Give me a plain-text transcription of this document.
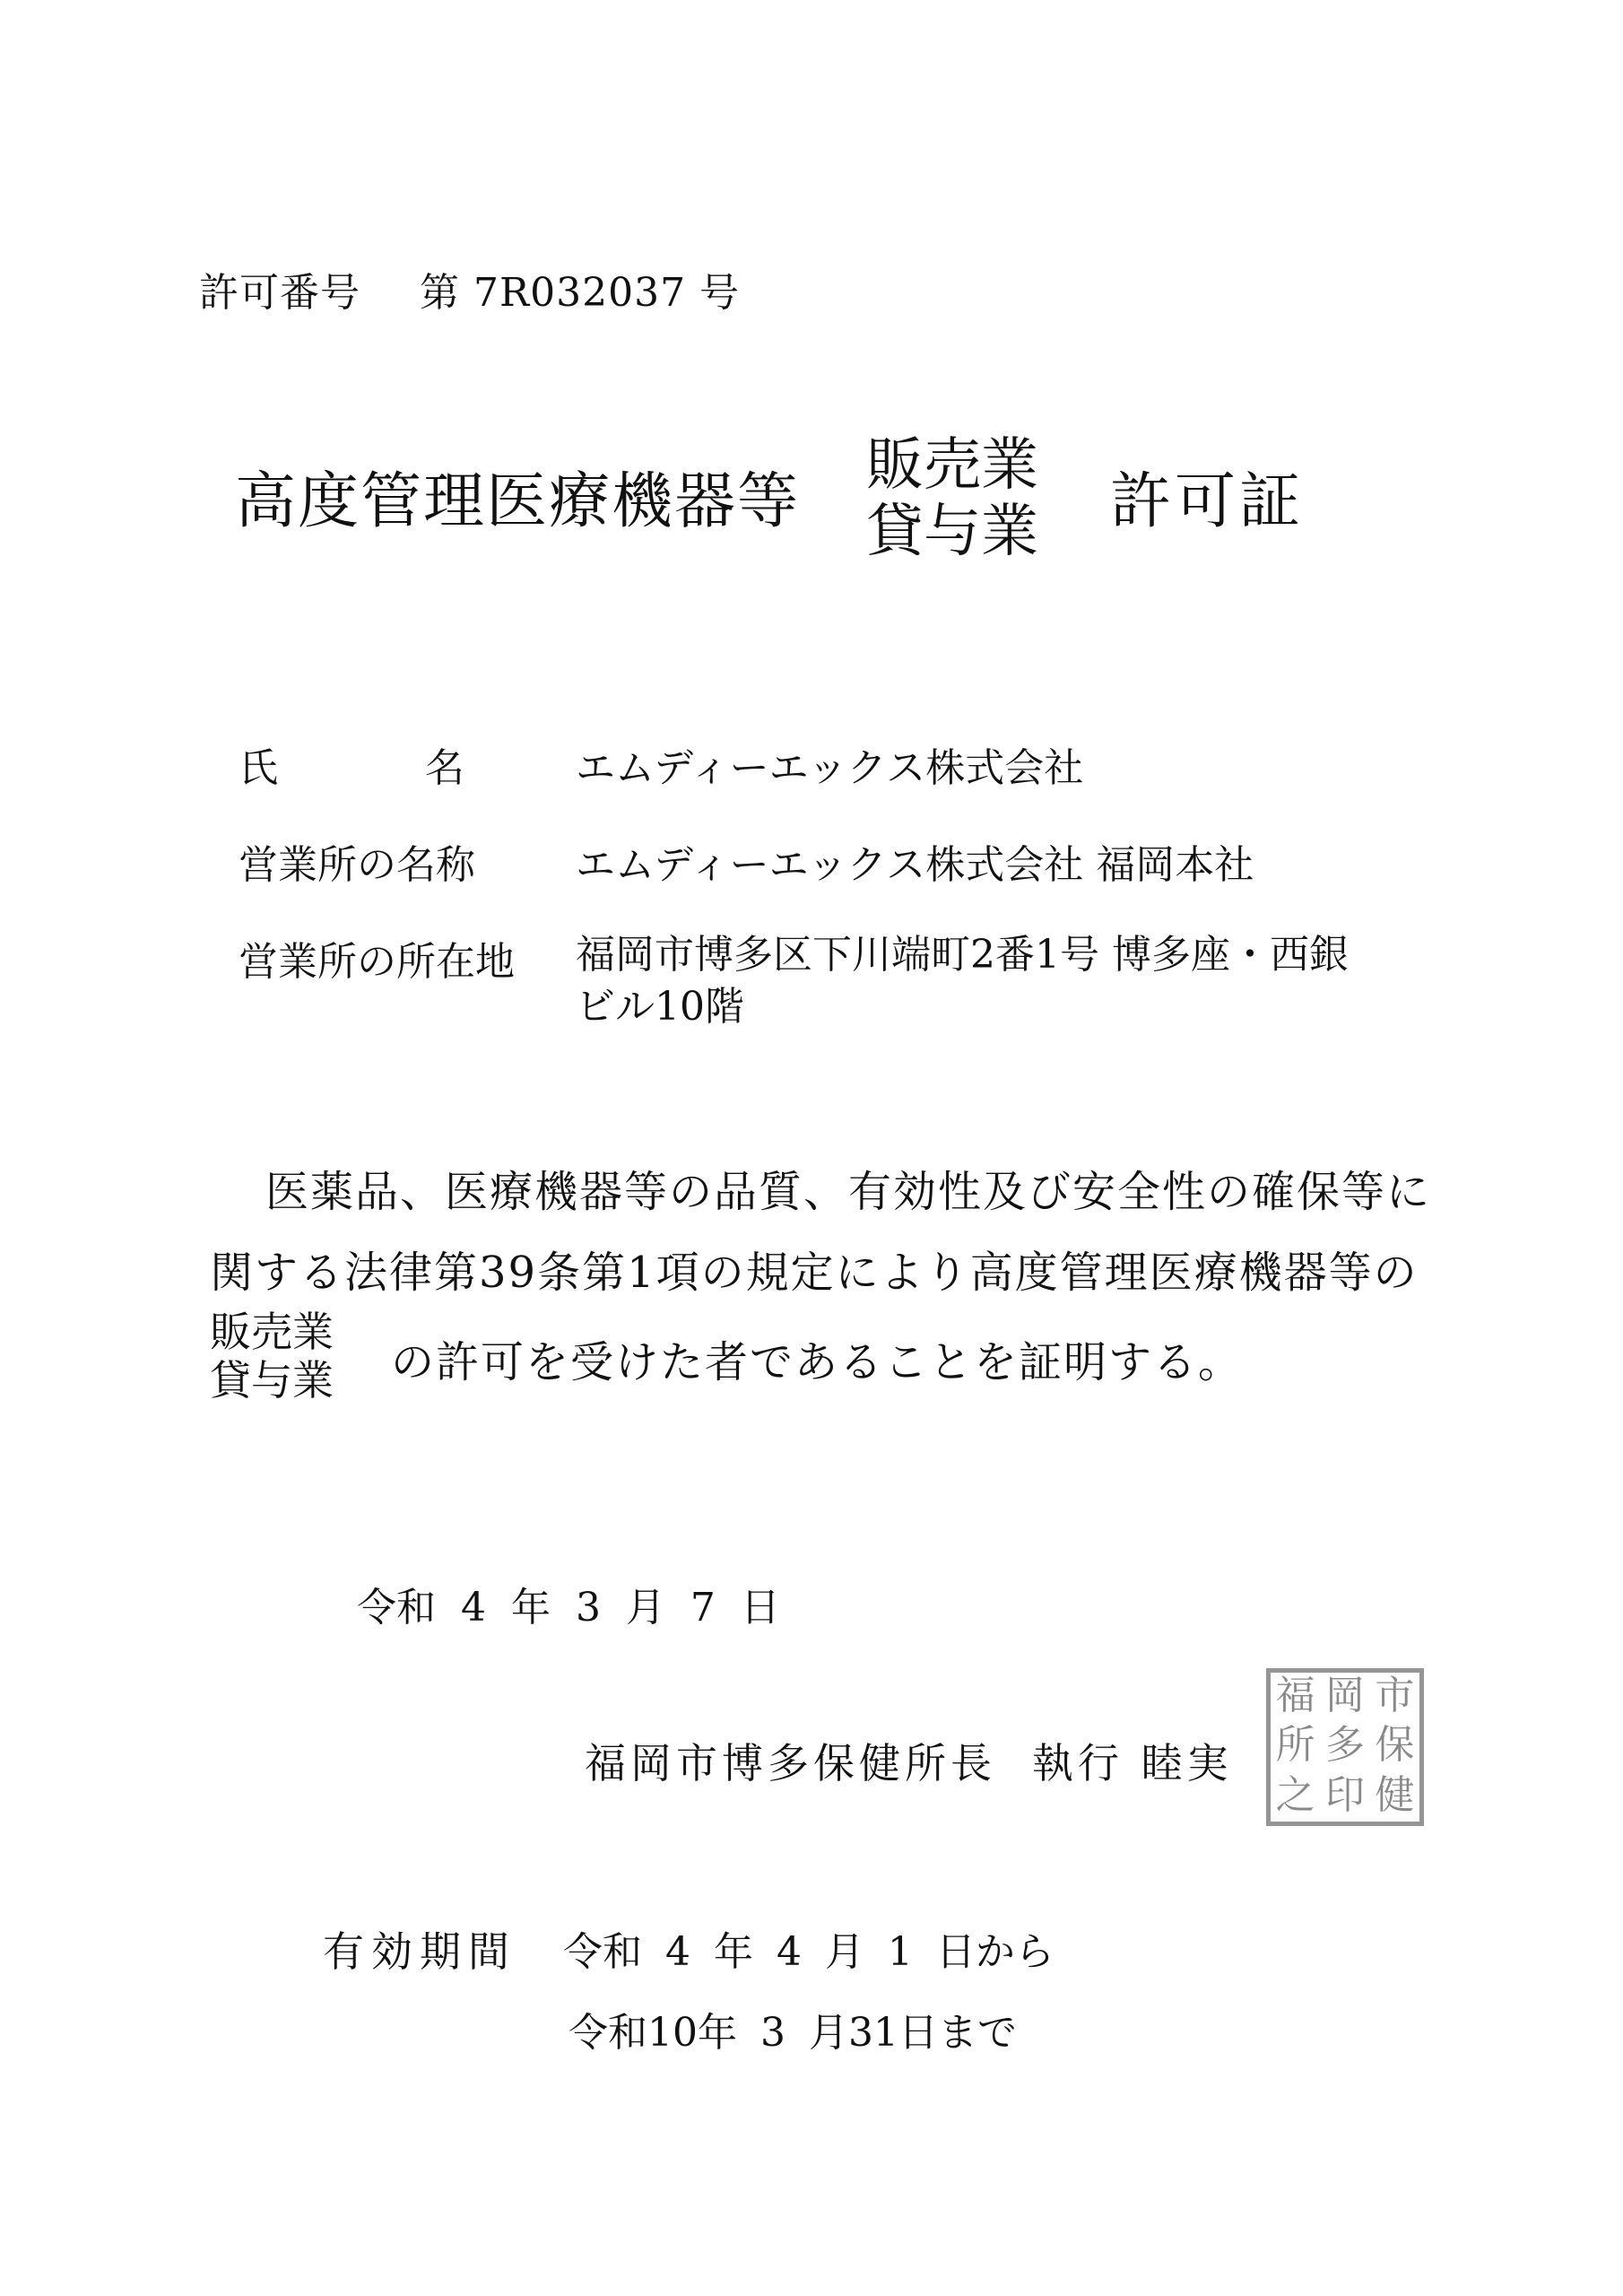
許可番号 第 7R032037 号
高度管理医療機器等
販売業
貸与業 許可証
氏	名	エムディーエックス株式会社
営業所の名称	エムディーエックス株式会社 福岡本社
営業所の所在地 福岡市博多区下川端町2番1号 博多座・西銀ビル10階
医薬品、医療機器等の品質、有効性及び安全性の確保等に
関する法律第39条第1項の規定により高度管理医療機器等の
販売業
貸与業 の許可を受けた者であることを証明する。
令和 4 年 3 月 7 日
福岡市博多保健所長 執行 睦実
福 岡 市
所 多 保
之 印 健
有効期間 令和 4 年 4 月 1 日から
令和10年 3 月31日まで
